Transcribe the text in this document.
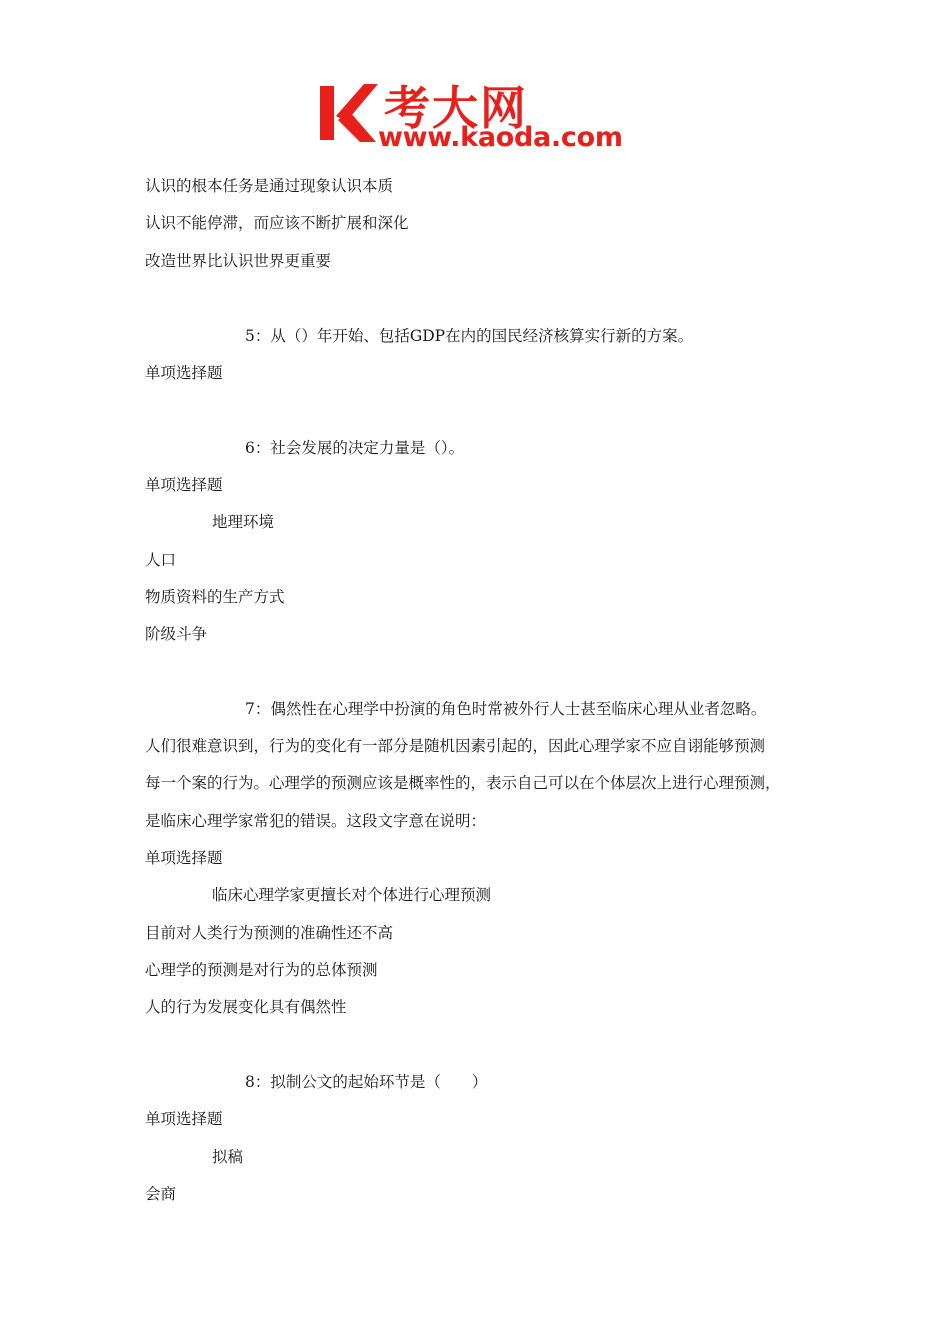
考大网
www.kaoda.com
认识的根本任务是通过现象认识本质
认识不能停滞，而应该不断扩展和深化
改造世界比认识世界更重要
5：从（）年开始、包括GDP在内的国民经济核算实行新的方案。
单项选择题
6：社会发展的决定力量是（）。
单项选择题
地理环境
人口
物质资料的生产方式
阶级斗争
7：偶然性在心理学中扮演的角色时常被外行人士甚至临床心理从业者忽略。
人们很难意识到，行为的变化有一部分是随机因素引起的，因此心理学家不应自诩能够预测
每一个案的行为。心理学的预测应该是概率性的，表示自己可以在个体层次上进行心理预测，
是临床心理学家常犯的错误。这段文字意在说明：
单项选择题
临床心理学家更擅长对个体进行心理预测
目前对人类行为预测的准确性还不高
心理学的预测是对行为的总体预测
人的行为发展变化具有偶然性
8：拟制公文的起始环节是（　　）
单项选择题
拟稿
会商
